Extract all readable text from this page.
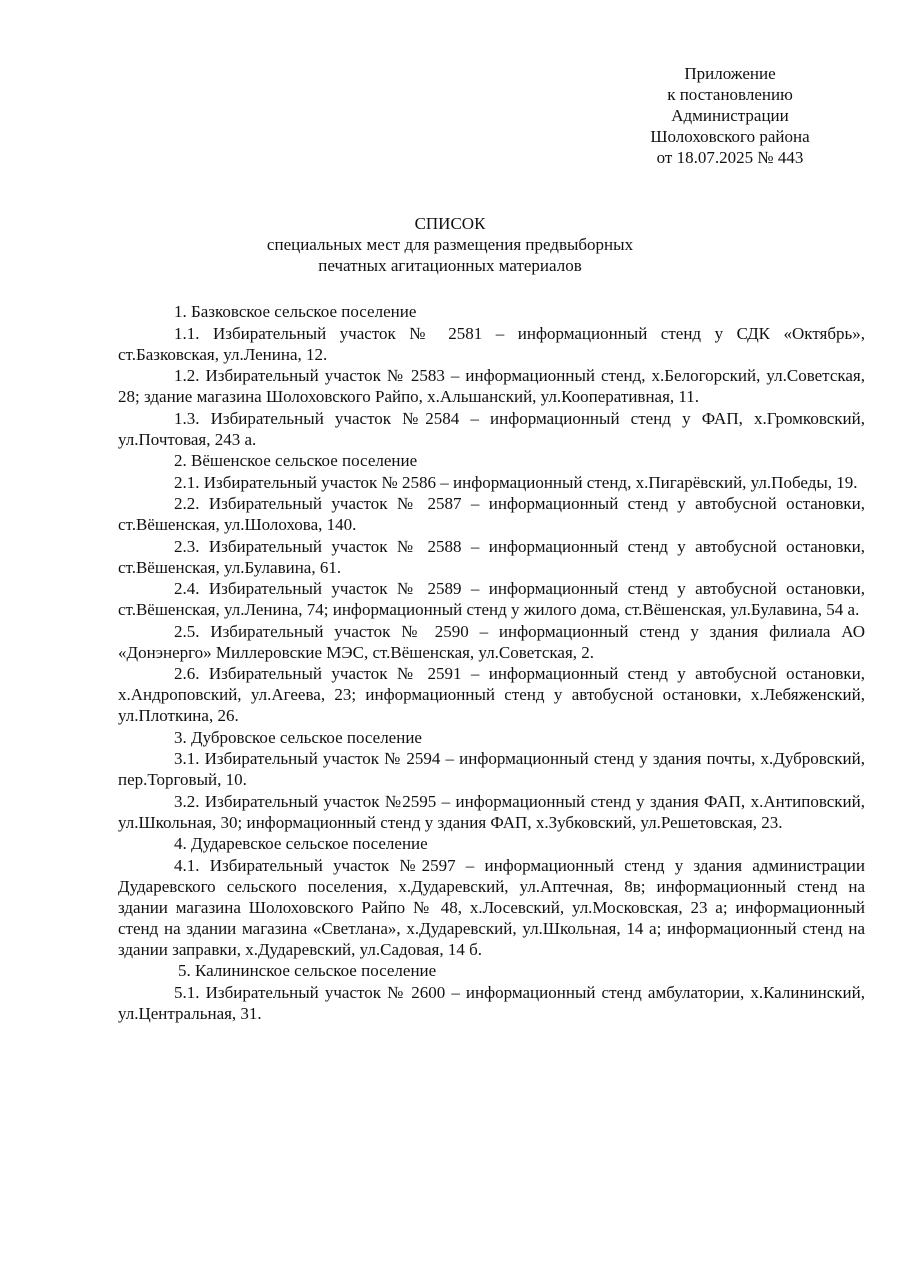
Приложение
к постановлению
Администрации
Шолоховского района
от 18.07.2025 № 443
СПИСОК
специальных мест для размещения предвыборных
печатных агитационных материалов
1. Базковское сельское поселение
1.1. Избирательный участок № 2581 – информационный стенд у СДК «Октябрь», ст.Базковская, ул.Ленина, 12.
1.2. Избирательный участок № 2583 – информационный стенд, х.Белогорский, ул.Советская, 28; здание магазина Шолоховского Райпо, х.Альшанский, ул.Кооперативная, 11.
1.3. Избирательный участок №2584 – информационный стенд у ФАП, х.Громковский, ул.Почтовая, 243 а.
2. Вёшенское сельское поселение
2.1. Избирательный участок № 2586 – информационный стенд, х.Пигарёвский, ул.Победы, 19.
2.2. Избирательный участок № 2587 – информационный стенд у автобусной остановки, ст.Вёшенская, ул.Шолохова, 140.
2.3. Избирательный участок № 2588 – информационный стенд у автобусной остановки, ст.Вёшенская, ул.Булавина, 61.
2.4. Избирательный участок № 2589 – информационный стенд у автобусной остановки, ст.Вёшенская, ул.Ленина, 74; информационный стенд у жилого дома, ст.Вёшенская, ул.Булавина, 54 а.
2.5. Избирательный участок № 2590 – информационный стенд у здания филиала АО «Донэнерго» Миллеровские МЭС, ст.Вёшенская, ул.Советская, 2.
2.6. Избирательный участок № 2591 – информационный стенд у автобусной остановки, х.Андроповский, ул.Агеева, 23; информационный стенд у автобусной остановки, х.Лебяженский, ул.Плоткина, 26.
3. Дубровское сельское поселение
3.1. Избирательный участок № 2594 – информационный стенд у здания почты, х.Дубровский, пер.Торговый, 10.
3.2. Избирательный участок №2595 – информационный стенд у здания ФАП, х.Антиповский, ул.Школьная, 30; информационный стенд у здания ФАП, х.Зубковский, ул.Решетовская, 23.
4. Дударевское сельское поселение
4.1. Избирательный участок №2597 – информационный стенд у здания администрации Дударевского сельского поселения, х.Дударевский, ул.Аптечная, 8в; информационный стенд на здании магазина Шолоховского Райпо № 48, х.Лосевский, ул.Московская, 23 а; информационный стенд на здании магазина «Светлана», х.Дударевский, ул.Школьная, 14 а; информационный стенд на здании заправки, х.Дударевский, ул.Садовая, 14 б.
5. Калининское сельское поселение
5.1. Избирательный участок № 2600 – информационный стенд амбулатории, х.Калининский, ул.Центральная, 31.
